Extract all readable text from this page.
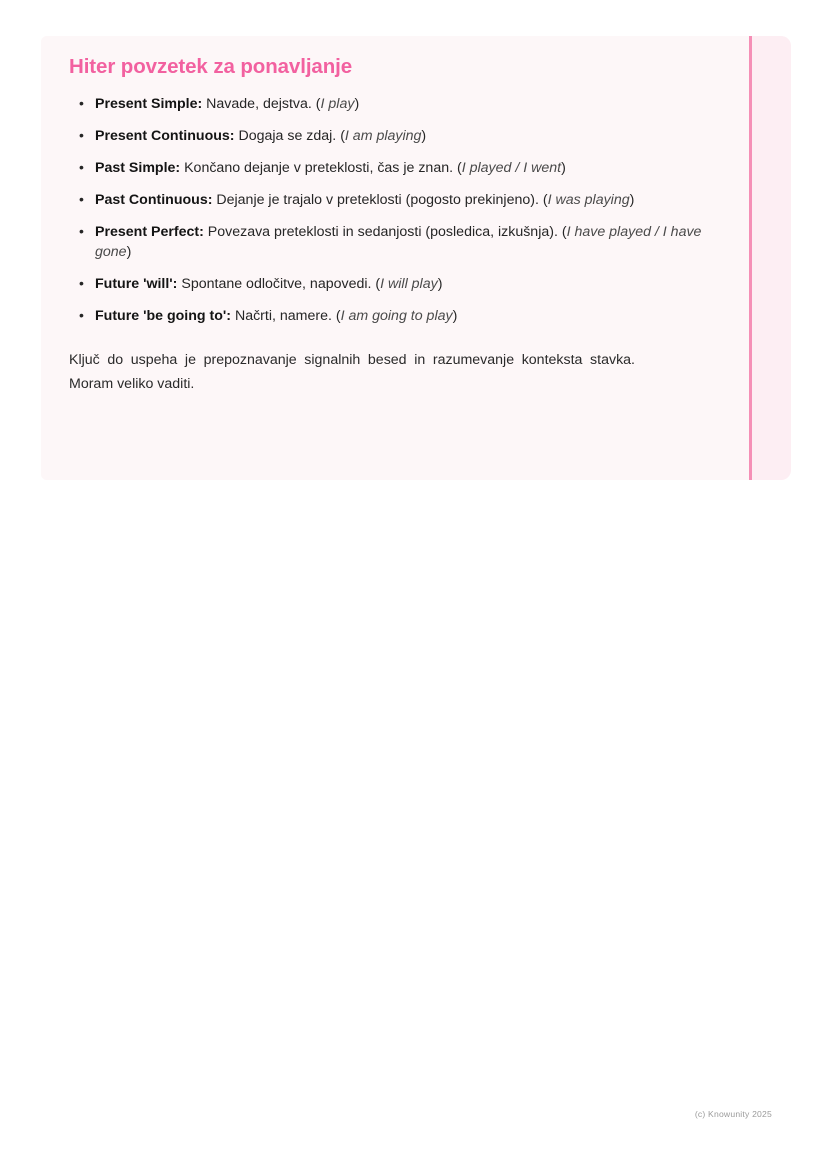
Hiter povzetek za ponavljanje
• Present Simple: Navade, dejstva. (I play)
• Present Continuous: Dogaja se zdaj. (I am playing)
• Past Simple: Končano dejanje v preteklosti, čas je znan. (I played / I went)
• Past Continuous: Dejanje je trajalo v preteklosti (pogosto prekinjeno). (I was playing)
• Present Perfect: Povezava preteklosti in sedanjosti (posledica, izkušnja). (I have played / I have gone)
• Future 'will': Spontane odločitve, napovedi. (I will play)
• Future 'be going to': Načrti, namere. (I am going to play)

Ključ do uspeha je prepoznavanje signalnih besed in razumevanje konteksta stavka. Moram veliko vaditi.

(c) Knowunity 2025
